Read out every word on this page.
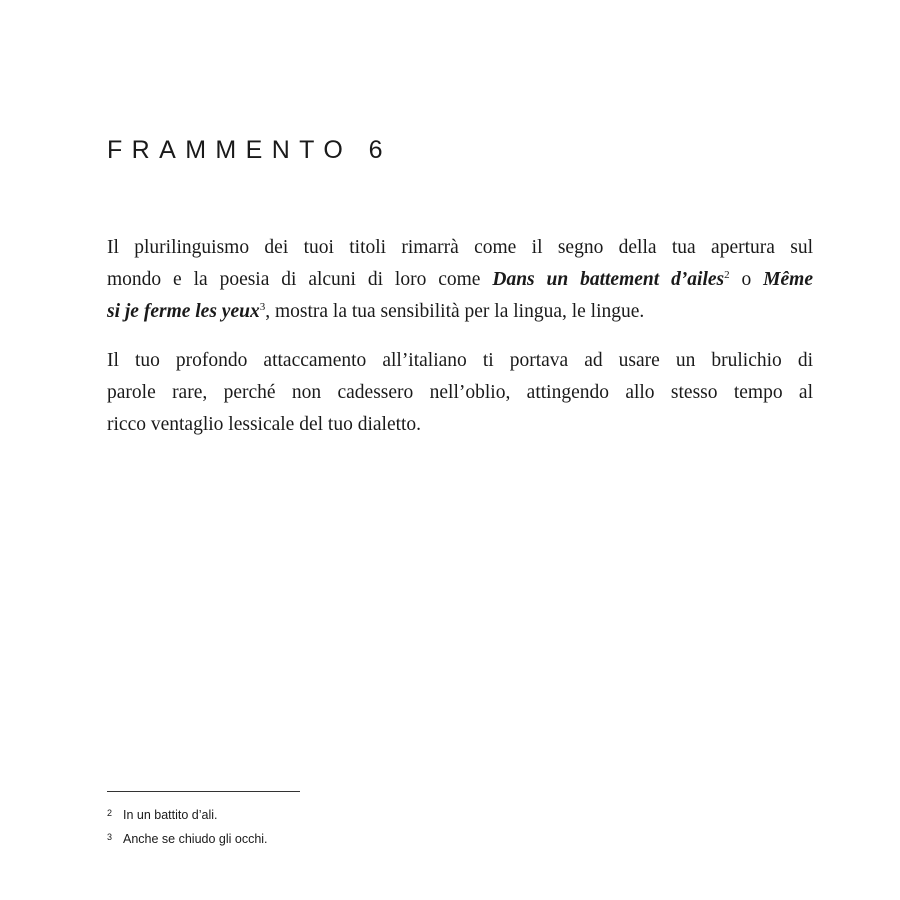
FRAMMENTO 6

Il plurilinguismo dei tuoi titoli rimarrà come il segno della tua apertura sul
mondo e la poesia di alcuni di loro come Dans un battement d’ailes$^2$ o Même
si je ferme les yeux$^3$, mostra la tua sensibilità per la lingua, le lingue.

Il tuo profondo attaccamento all’italiano ti portava ad usare un brulichio di
parole rare, perché non cadessero nell’oblio, attingendo allo stesso tempo al
ricco ventaglio lessicale del tuo dialetto.

2 In un battito d’ali.
3 Anche se chiudo gli occhi.
